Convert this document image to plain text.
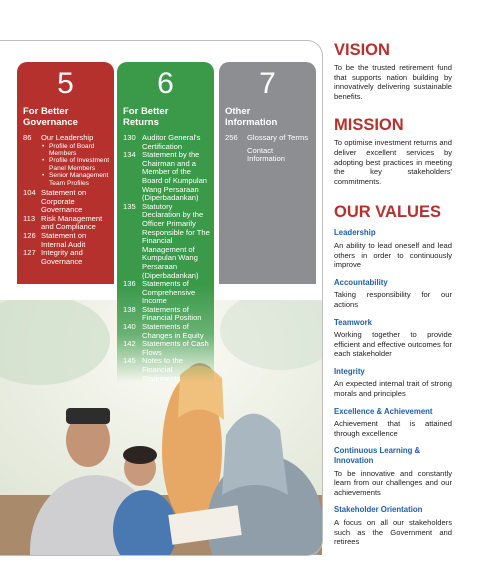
5
For Better
Governance
86 Our Leadership
• Profile of Board Members
• Profile of Investment Panel Members
• Senior Management Team Profiles
104 Statement on Corporate Governance
113 Risk Management and Compliance
126 Statement on Internal Audit
127 Integrity and Governance
6
For Better
Returns
130 Auditor General's Certification
134 Statement by the Chairman and a Member of the Board of Kumpulan Wang Persaraan (Diperbadankan)
135 Statutory Declaration by the Officer Primarily Responsible for The Financial Management of Kumpulan Wang Persaraan (Diperbadankan)
136 Statements of Comprehensive Income
138 Statements of Financial Position
140 Statements of Changes in Equity
142 Statements of Cash Flows
145 Notes to the Financial Statements
7
Other
Information
256 Glossary of Terms
Contact Information
VISION

To be the trusted retirement fund that supports nation building by innovatively delivering sustainable benefits.

MISSION

To optimise investment returns and deliver excellent services by adopting best practices in meeting the key stakeholders' commitments.

OUR VALUES
Leadership

An ability to lead oneself and lead others in order to continuously improve

Accountability

Taking responsibility for our actions

Teamwork

Working together to provide efficient and effective outcomes for each stakeholder

Integrity

An expected internal trait of strong morals and principles

Excellence & Achievement

Achievement that is attained through excellence

Continuous Learning & Innovation

To be innovative and constantly learn from our challenges and our achievements

Stakeholder Orientation

A focus on all our stakeholders such as the Government and retirees
